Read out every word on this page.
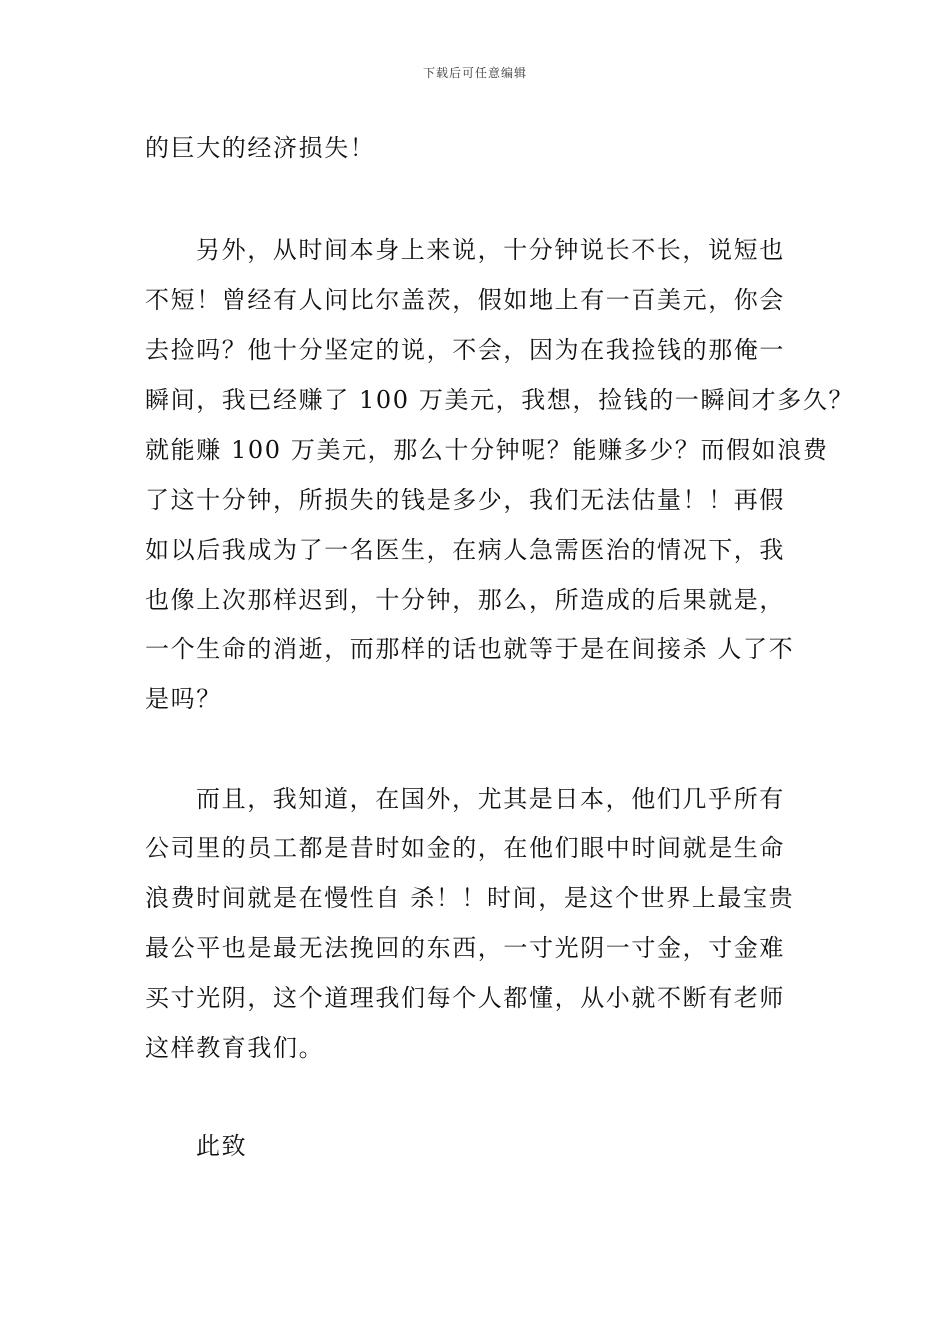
下载后可任意编辑
的巨大的经济损失！
另外，从时间本身上来说，十分钟说长不长，说短也
不短！曾经有人问比尔盖茨，假如地上有一百美元，你会
去捡吗？他十分坚定的说，不会，因为在我捡钱的那俺一
瞬间，我已经赚了 100 万美元，我想，捡钱的一瞬间才多久？
就能赚 100 万美元，那么十分钟呢？能赚多少？而假如浪费
了这十分钟，所损失的钱是多少，我们无法估量！！再假
如以后我成为了一名医生，在病人急需医治的情况下，我
也像上次那样迟到，十分钟，那么，所造成的后果就是，
一个生命的消逝，而那样的话也就等于是在间接杀 人了不
是吗？
而且，我知道，在国外，尤其是日本，他们几乎所有
公司里的员工都是昔时如金的，在他们眼中时间就是生命
浪费时间就是在慢性自 杀！！时间，是这个世界上最宝贵
最公平也是最无法挽回的东西，一寸光阴一寸金，寸金难
买寸光阴，这个道理我们每个人都懂，从小就不断有老师
这样教育我们。
此致
